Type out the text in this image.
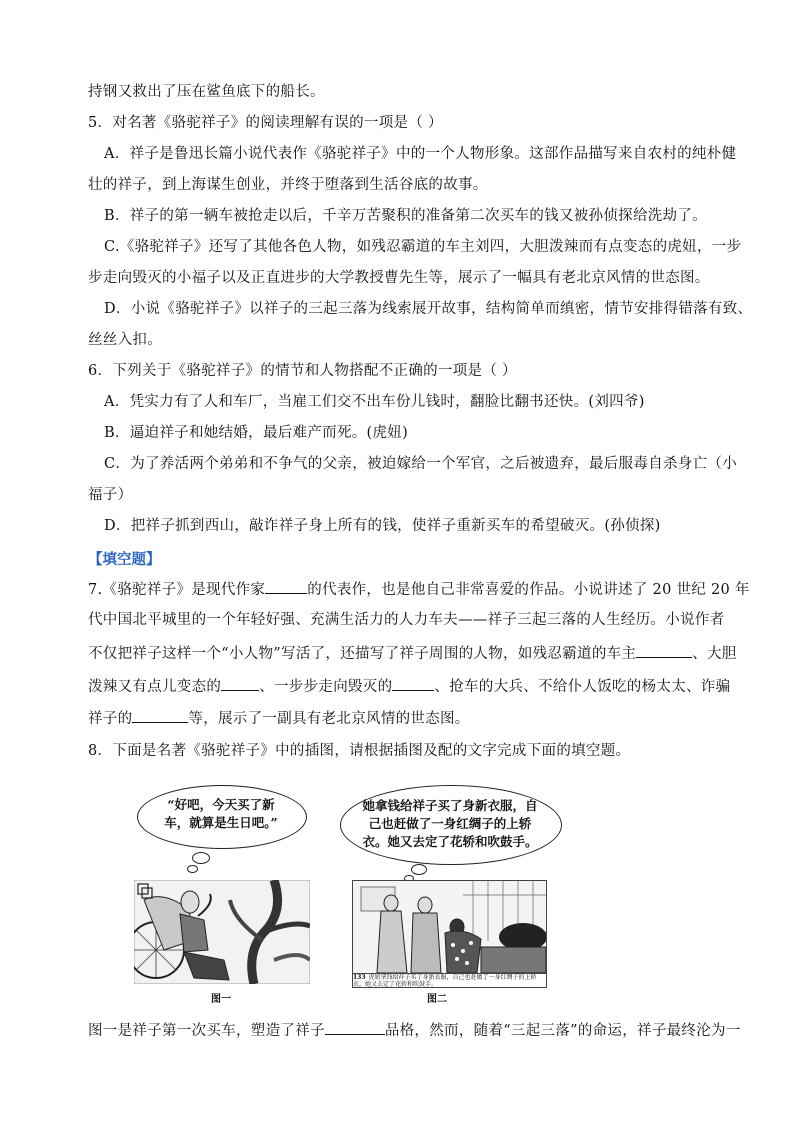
持钢又救出了压在鲨鱼底下的船长。
5．对名著《骆驼祥子》的阅读理解有误的一项是（ ）
A．祥子是鲁迅长篇小说代表作《骆驼祥子》中的一个人物形象。这部作品描写来自农村的纯朴健
壮的祥子，到上海谋生创业，并终于堕落到生活谷底的故事。
B．祥子的第一辆车被抢走以后，千辛万苦聚积的准备第二次买车的钱又被孙侦探给洗劫了。
C.《骆驼祥子》还写了其他各色人物，如残忍霸道的车主刘四，大胆泼辣而有点变态的虎妞，一步
步走向毁灭的小福子以及正直进步的大学教授曹先生等，展示了一幅具有老北京风情的世态图。
D．小说《骆驼祥子》以祥子的三起三落为线索展开故事，结构简单而缜密，情节安排得错落有致、
丝丝入扣。
6．下列关于《骆驼祥子》的情节和人物搭配不正确的一项是（ ）
A．凭实力有了人和车厂，当雇工们交不出车份儿钱时，翻脸比翻书还快。(刘四爷)
B．逼迫祥子和她结婚，最后难产而死。(虎妞)
C．为了养活两个弟弟和不争气的父亲，被迫嫁给一个军官，之后被遗弃，最后服毒自杀身亡（小
福子）
D．把祥子抓到西山，敲诈祥子身上所有的钱，使祥子重新买车的希望破灭。(孙侦探)
【填空题】
7.《骆驼祥子》是现代作家	的代表作，也是他自己非常喜爱的作品。小说讲述了 20 世纪 20 年
代中国北平城里的一个年轻好强、充满生活力的人力车夫——祥子三起三落的人生经历。小说作者
不仅把祥子这样一个“小人物”写活了，还描写了祥子周围的人物，如残忍霸道的车主	、大胆
泼辣又有点儿变态的	、一步步走向毁灭的	、抢车的大兵、不给仆人饭吃的杨太太、诈骗
祥子的	等，展示了一副具有老北京风情的世态图。
8．下面是名著《骆驼祥子》中的插图，请根据插图及配的文字完成下面的填空题。
“好吧，今天买了新
车，就算是生日吧。”
图一
她拿钱给祥子买了身新衣服，自
己也赶做了一身红绸子的上轿
衣。她又去定了花轿和吹鼓手。
133 虎妞拿钱给祥子买了身新衣服，自己也赶做了一身红绸子的上轿衣。她又去定了花轿和吹鼓手。
图二
图一是祥子第一次买车，塑造了祥子	品格，然而，随着“三起三落”的命运，祥子最终沦为一
